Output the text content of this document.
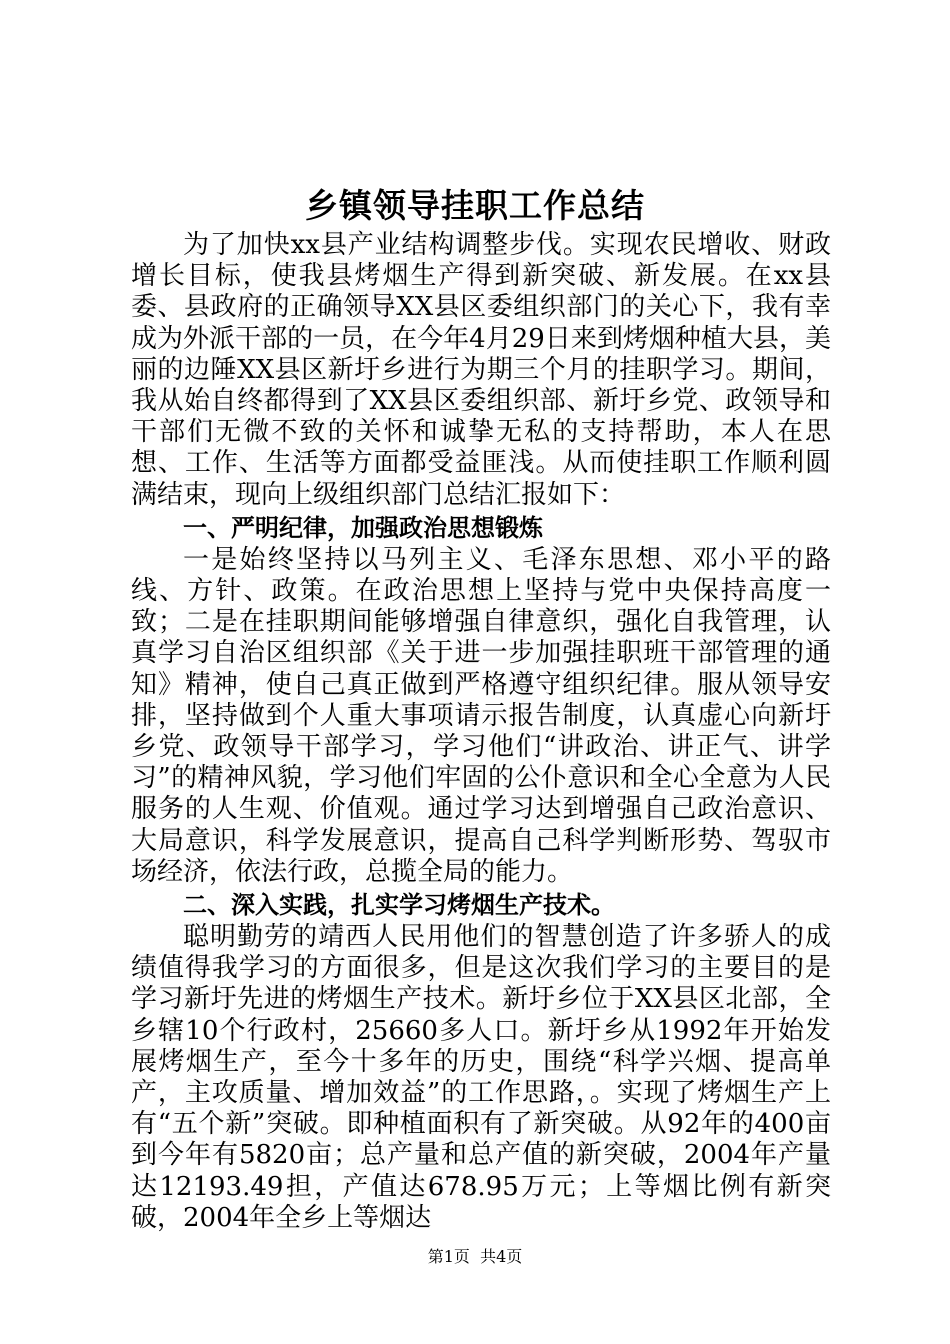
乡镇领导挂职工作总结

为了加快xx县产业结构调整步伐。实现农民增收、财政增长目标，使我县烤烟生产得到新突破、新发展。在xx县委、县政府的正确领导XX县区委组织部门的关心下，我有幸成为外派干部的一员，在今年4月29日来到烤烟种植大县，美丽的边陲XX县区新圩乡进行为期三个月的挂职学习。期间，我从始自终都得到了XX县区委组织部、新圩乡党、政领导和干部们无微不致的关怀和诚挚无私的支持帮助，本人在思想、工作、生活等方面都受益匪浅。从而使挂职工作顺利圆满结束，现向上级组织部门总结汇报如下：

一、严明纪律，加强政治思想锻炼

一是始终坚持以马列主义、毛泽东思想、邓小平的路线、方针、政策。在政治思想上坚持与党中央保持高度一致；二是在挂职期间能够增强自律意织，强化自我管理，认真学习自治区组织部《关于进一步加强挂职班干部管理的通知》精神，使自己真正做到严格遵守组织纪律。服从领导安排，坚持做到个人重大事项请示报告制度，认真虚心向新圩乡党、政领导干部学习，学习他们“讲政治、讲正气、讲学习”的精神风貌，学习他们牢固的公仆意识和全心全意为人民服务的人生观、价值观。通过学习达到增强自己政治意识、大局意识，科学发展意识，提高自己科学判断形势、驾驭市场经济，依法行政，总揽全局的能力。

二、深入实践，扎实学习烤烟生产技术。

聪明勤劳的靖西人民用他们的智慧创造了许多骄人的成绩值得我学习的方面很多，但是这次我们学习的主要目的是学习新圩先进的烤烟生产技术。新圩乡位于XX县区北部，全乡辖10个行政村，25660多人口。新圩乡从1992年开始发展烤烟生产，至今十多年的历史，围绕“科学兴烟、提高单产，主攻质量、增加效益”的工作思路，。实现了烤烟生产上有“五个新”突破。即种植面积有了新突破。从92年的400亩到今年有5820亩；总产量和总产值的新突破，2004年产量达12193.49担，产值达678.95万元；上等烟比例有新突破，2004年全乡上等烟达

第1页 共4页
